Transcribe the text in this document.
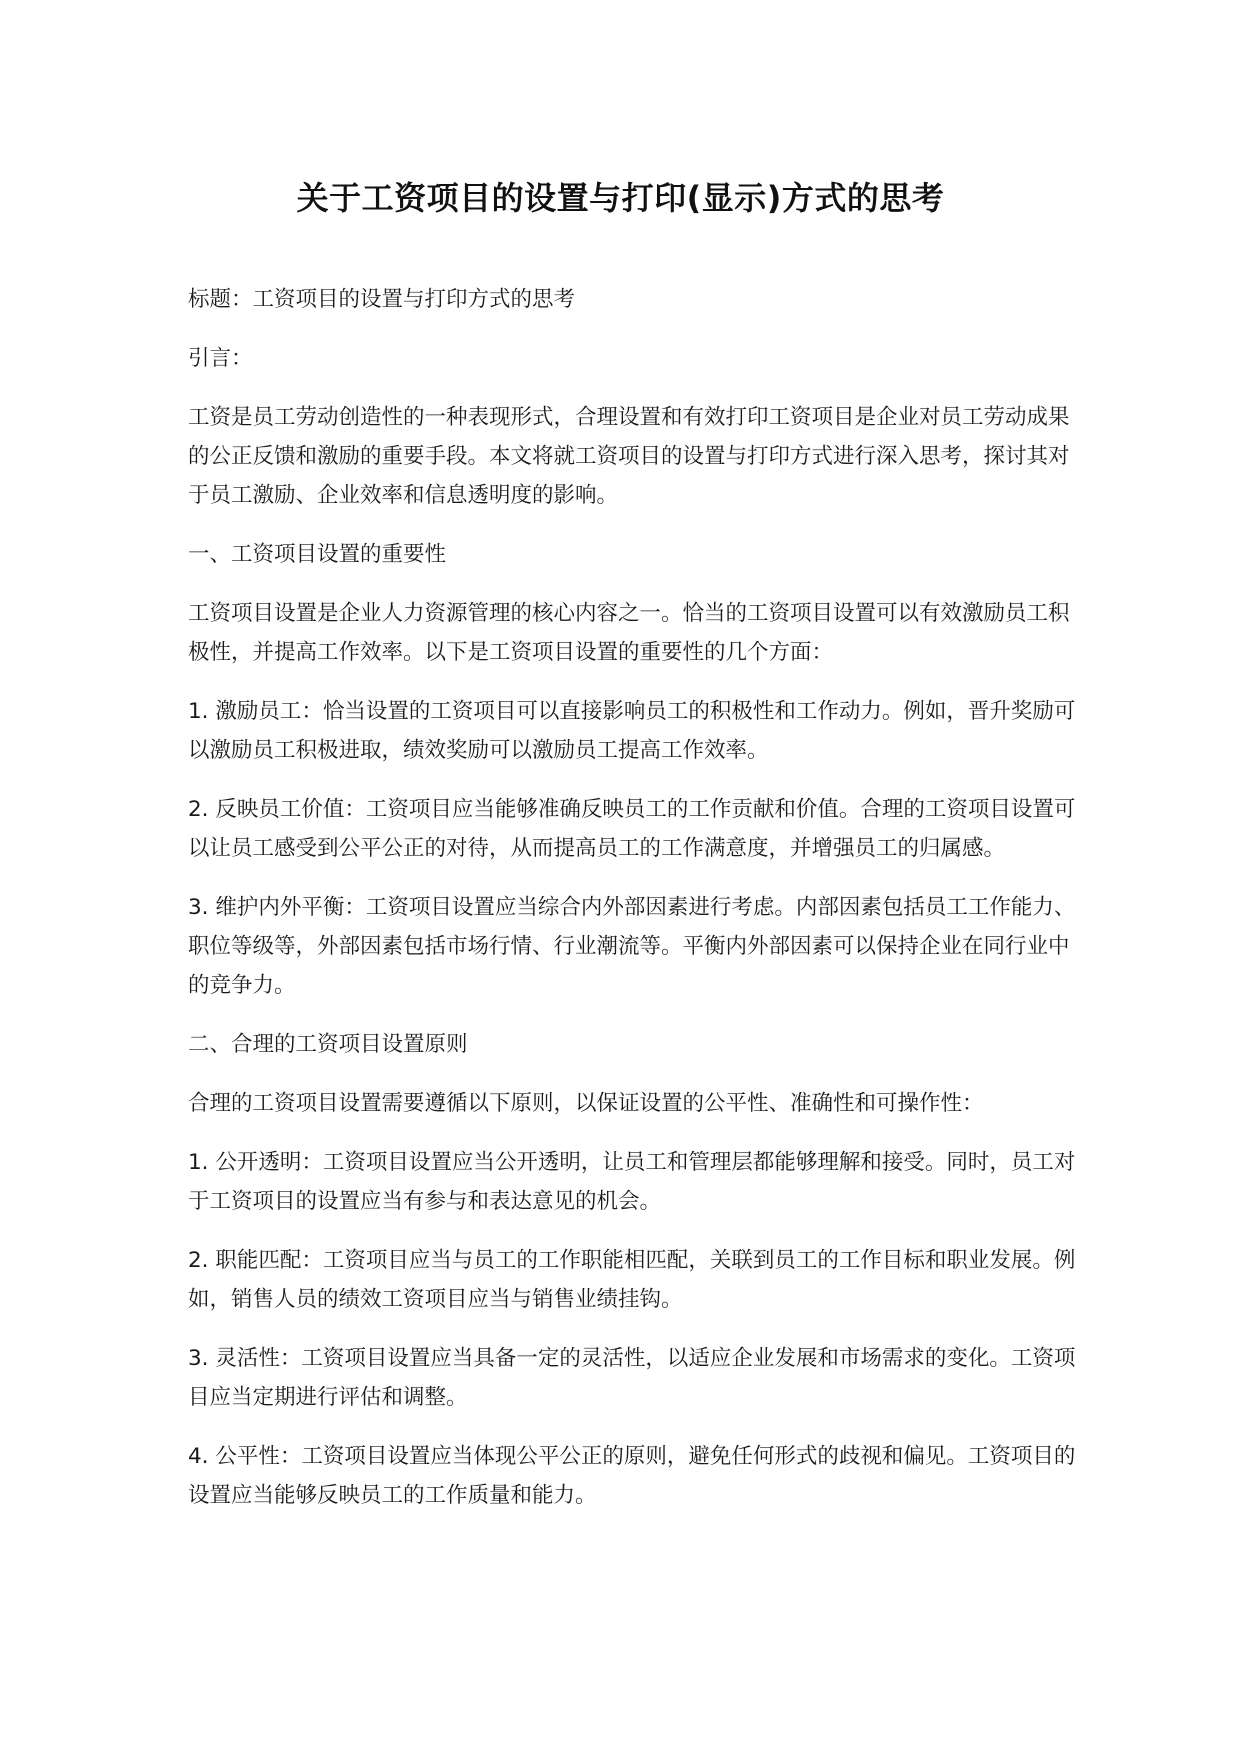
关于工资项目的设置与打印(显示)方式的思考

标题：工资项目的设置与打印方式的思考

引言：

工资是员工劳动创造性的一种表现形式，合理设置和有效打印工资项目是企业对员工劳动成果的公正反馈和激励的重要手段。本文将就工资项目的设置与打印方式进行深入思考，探讨其对于员工激励、企业效率和信息透明度的影响。

一、工资项目设置的重要性

工资项目设置是企业人力资源管理的核心内容之一。恰当的工资项目设置可以有效激励员工积极性，并提高工作效率。以下是工资项目设置的重要性的几个方面：

1. 激励员工：恰当设置的工资项目可以直接影响员工的积极性和工作动力。例如，晋升奖励可以激励员工积极进取，绩效奖励可以激励员工提高工作效率。

2. 反映员工价值：工资项目应当能够准确反映员工的工作贡献和价值。合理的工资项目设置可以让员工感受到公平公正的对待，从而提高员工的工作满意度，并增强员工的归属感。

3. 维护内外平衡：工资项目设置应当综合内外部因素进行考虑。内部因素包括员工工作能力、职位等级等，外部因素包括市场行情、行业潮流等。平衡内外部因素可以保持企业在同行业中的竞争力。

二、合理的工资项目设置原则

合理的工资项目设置需要遵循以下原则，以保证设置的公平性、准确性和可操作性：

1. 公开透明：工资项目设置应当公开透明，让员工和管理层都能够理解和接受。同时，员工对于工资项目的设置应当有参与和表达意见的机会。

2. 职能匹配：工资项目应当与员工的工作职能相匹配，关联到员工的工作目标和职业发展。例如，销售人员的绩效工资项目应当与销售业绩挂钩。

3. 灵活性：工资项目设置应当具备一定的灵活性，以适应企业发展和市场需求的变化。工资项目应当定期进行评估和调整。

4. 公平性：工资项目设置应当体现公平公正的原则，避免任何形式的歧视和偏见。工资项目的设置应当能够反映员工的工作质量和能力。
